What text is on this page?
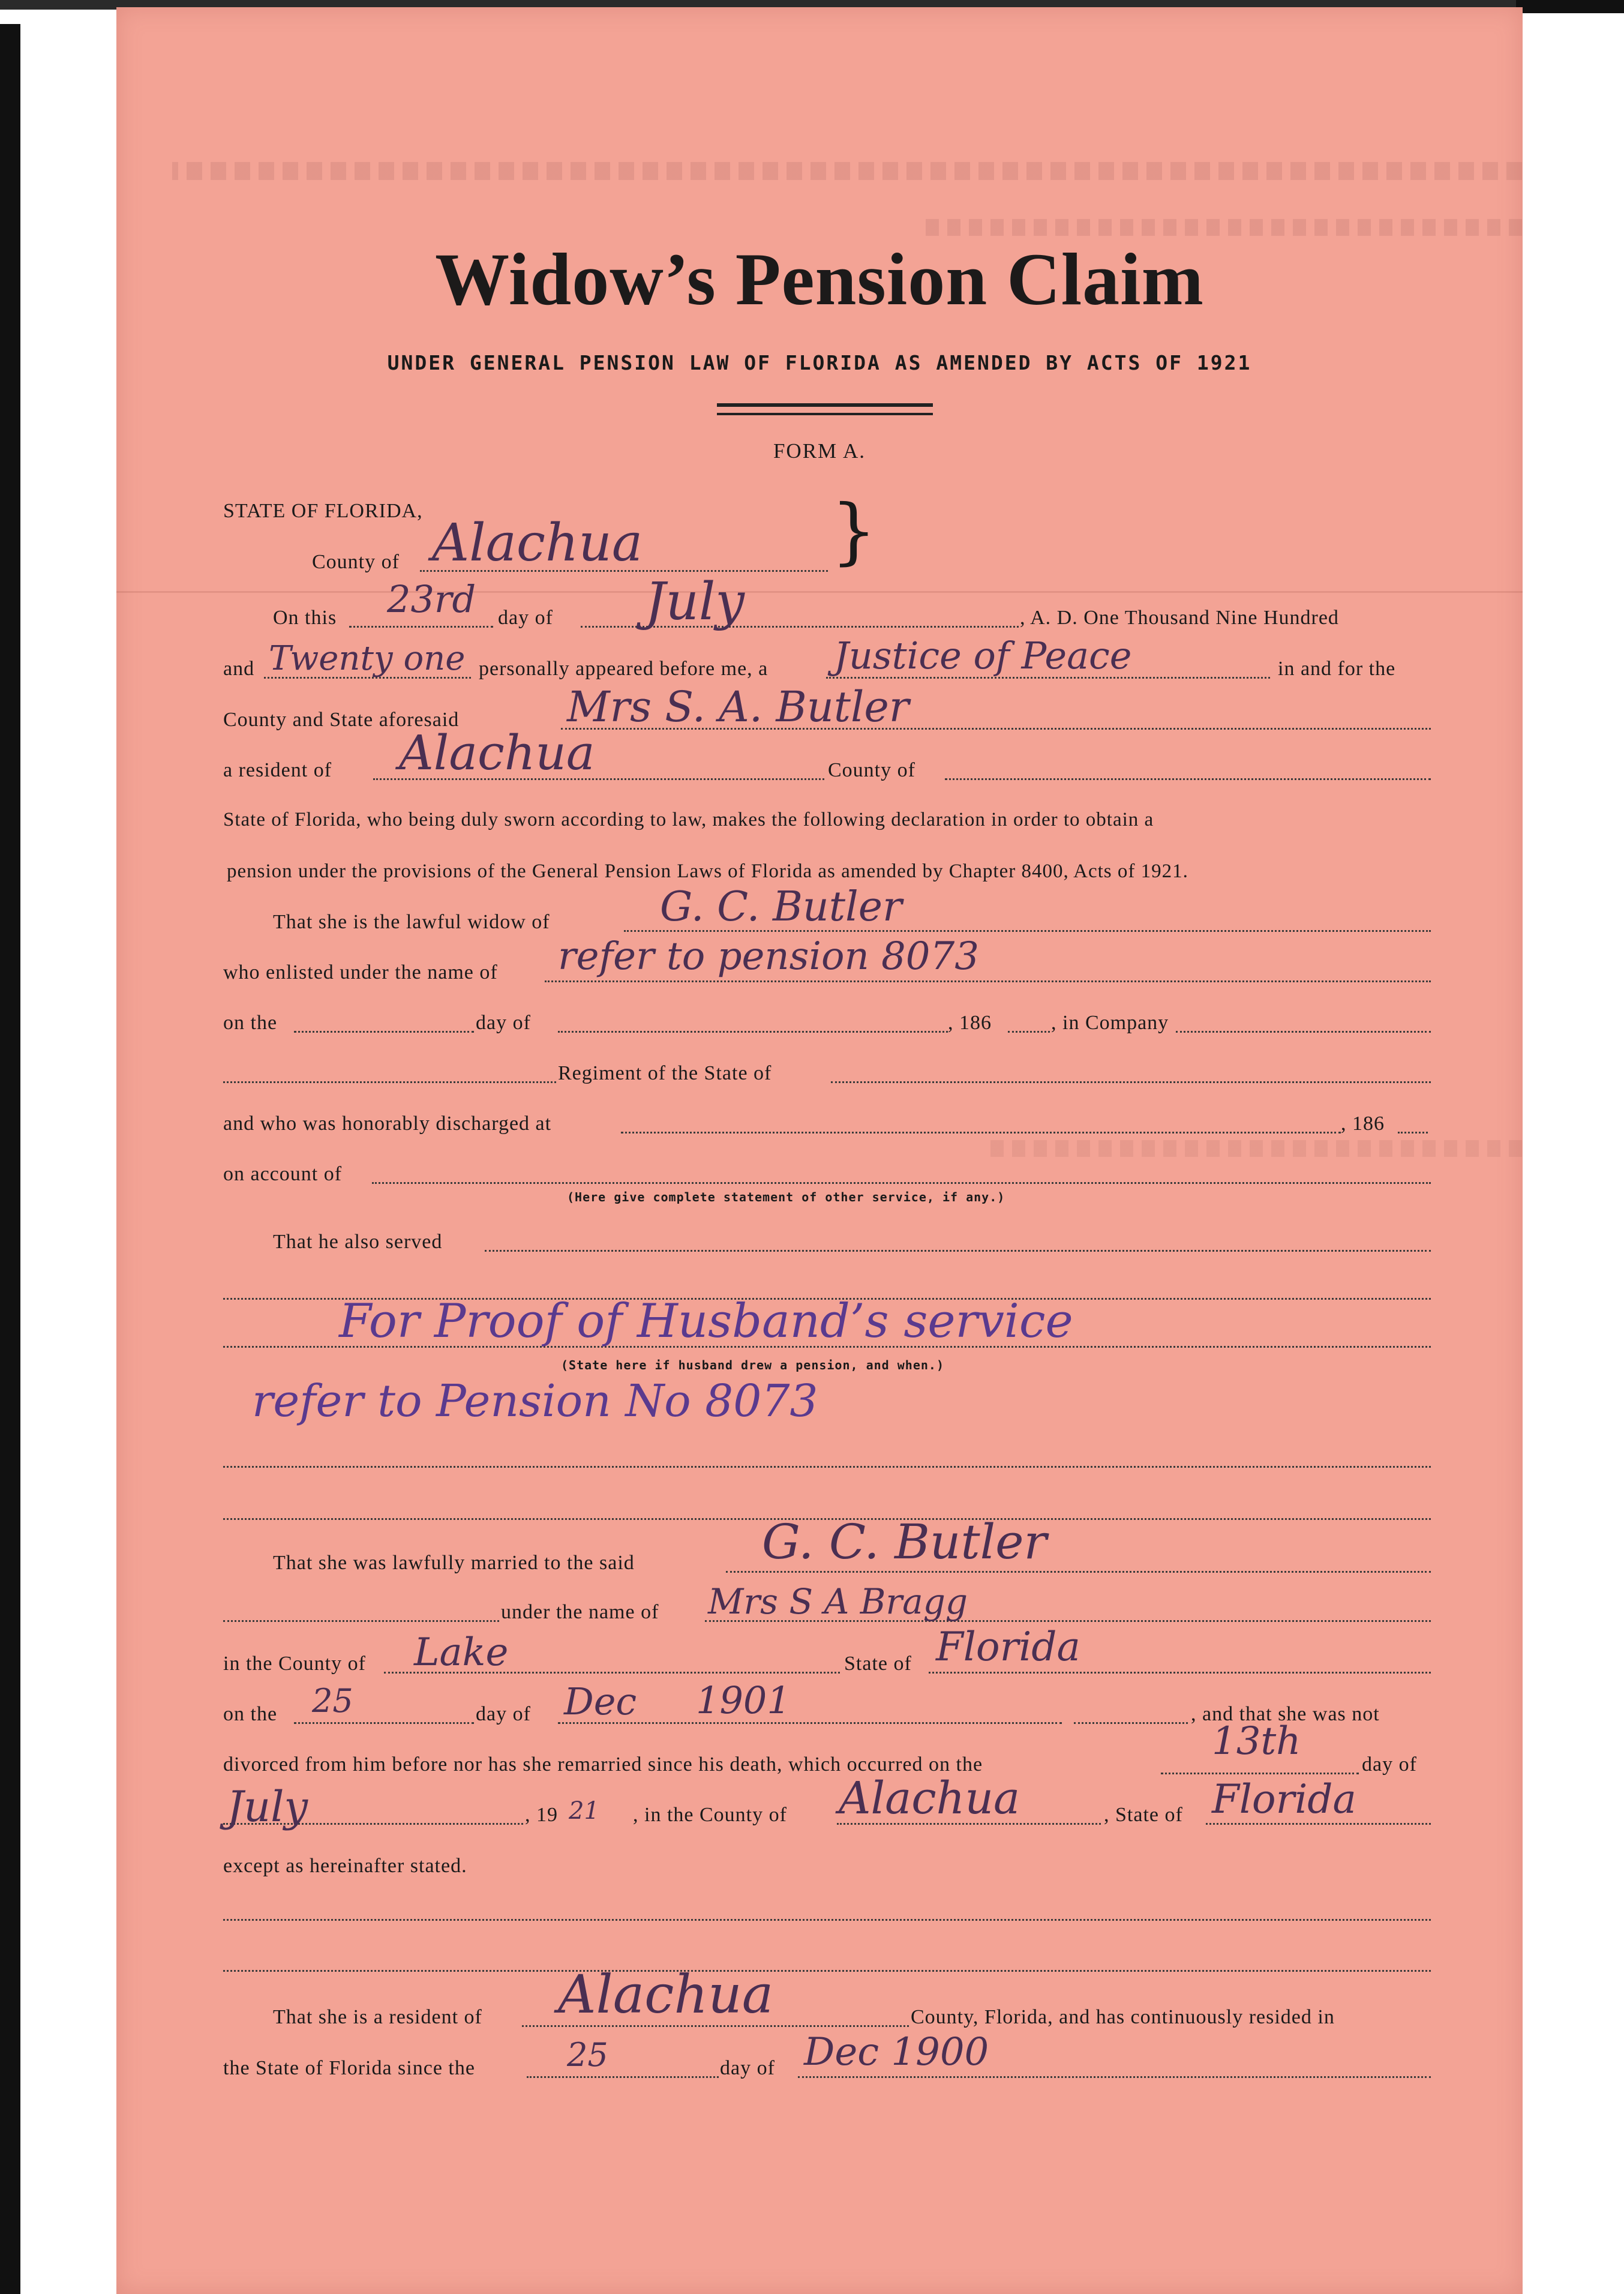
Widow’s Pension Claim
UNDER GENERAL PENSION LAW OF FLORIDA AS AMENDED BY ACTS OF 1921
FORM A.
STATE OF FLORIDA,
County of Alachua	}
On this 23rd day of July	, A. D. One Thousand Nine Hundred
and Twenty one personally appeared before me, a Justice of Peace	in and for the
County and State aforesaid	Mrs S. A. Butler
a resident of Alachua	County of
State of Florida, who being duly sworn according to law, makes the following declaration in order to obtain a
pension under the provisions of the General Pension Laws of Florida as amended by Chapter 8400, Acts of 1921.
That she is the lawful widow of	G. C. Butler
who enlisted under the name of refer to pension 8073
on the	day of	, 186	, in Company
Regiment of the State of
and who was honorably discharged at	, 186
on account of
(Here give complete statement of other service, if any.)
That he also served
For Proof of Husband’s service
(State here if husband drew a pension, and when.)
refer to Pension No 8073
That she was lawfully married to the said	G. C. Butler
under the name of Mrs S A Bragg
in the County of Lake	State of Florida
on the 25	day of Dec 1901	, and that she was not
divorced from him before nor has she remarried since his death, which occurred on the
13th
day of
July	, 19 21 , in the County of Alachua	, State of Florida
except as hereinafter stated.
That she is a resident of Alachua	County, Florida, and has continuously resided in
the State of Florida since the	25	day of Dec 1900
